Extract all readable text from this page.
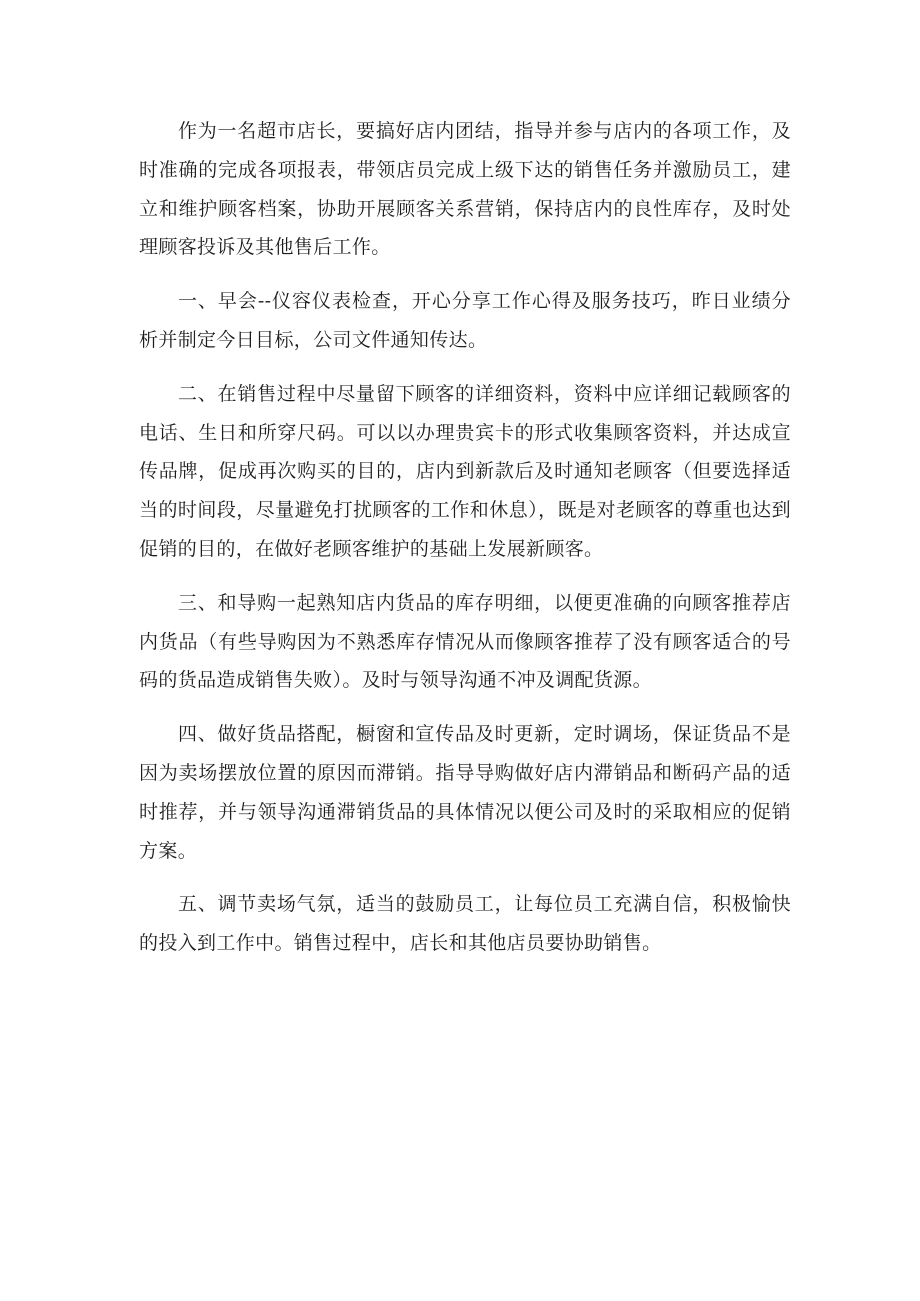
作为一名超市店长，要搞好店内团结，指导并参与店内的各项工作，及时准确的完成各项报表，带领店员完成上级下达的销售任务并激励员工，建立和维护顾客档案，协助开展顾客关系营销，保持店内的良性库存，及时处理顾客投诉及其他售后工作。

一、早会--仪容仪表检查，开心分享工作心得及服务技巧，昨日业绩分析并制定今日目标，公司文件通知传达。

二、在销售过程中尽量留下顾客的详细资料，资料中应详细记载顾客的电话、生日和所穿尺码。可以以办理贵宾卡的形式收集顾客资料，并达成宣传品牌，促成再次购买的目的，店内到新款后及时通知老顾客（但要选择适当的时间段，尽量避免打扰顾客的工作和休息），既是对老顾客的尊重也达到促销的目的，在做好老顾客维护的基础上发展新顾客。

三、和导购一起熟知店内货品的库存明细，以便更准确的向顾客推荐店内货品（有些导购因为不熟悉库存情况从而像顾客推荐了没有顾客适合的号码的货品造成销售失败）。及时与领导沟通不冲及调配货源。

四、做好货品搭配，橱窗和宣传品及时更新，定时调场，保证货品不是因为卖场摆放位置的原因而滞销。指导导购做好店内滞销品和断码产品的适时推荐，并与领导沟通滞销货品的具体情况以便公司及时的采取相应的促销方案。

五、调节卖场气氛，适当的鼓励员工，让每位员工充满自信，积极愉快的投入到工作中。销售过程中，店长和其他店员要协助销售。
